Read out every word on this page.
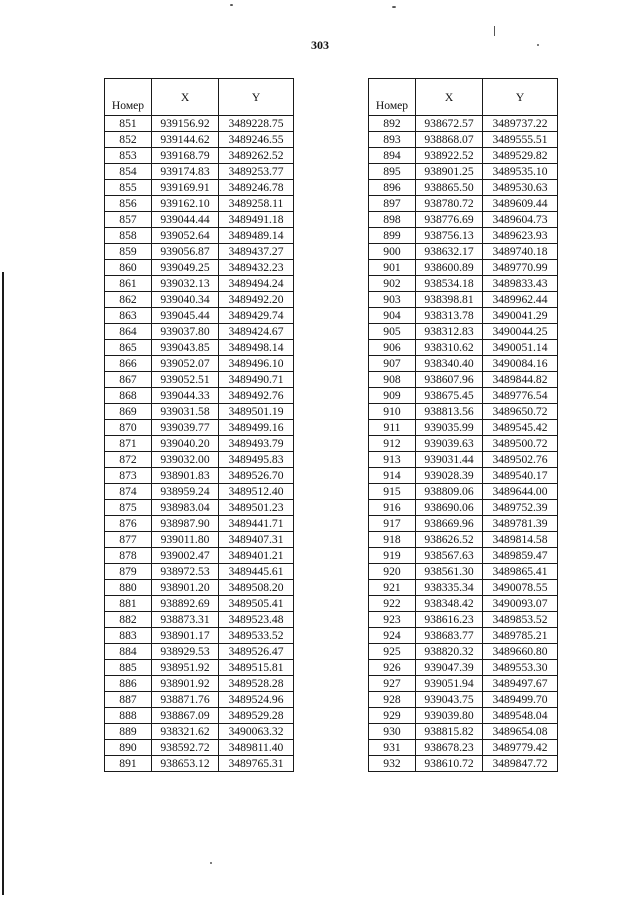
303
Номер	X	Y
851	939156.92	3489228.75
852	939144.62	3489246.55
853	939168.79	3489262.52
854	939174.83	3489253.77
855	939169.91	3489246.78
856	939162.10	3489258.11
857	939044.44	3489491.18
858	939052.64	3489489.14
859	939056.87	3489437.27
860	939049.25	3489432.23
861	939032.13	3489494.24
862	939040.34	3489492.20
863	939045.44	3489429.74
864	939037.80	3489424.67
865	939043.85	3489498.14
866	939052.07	3489496.10
867	939052.51	3489490.71
868	939044.33	3489492.76
869	939031.58	3489501.19
870	939039.77	3489499.16
871	939040.20	3489493.79
872	939032.00	3489495.83
873	938901.83	3489526.70
874	938959.24	3489512.40
875	938983.04	3489501.23
876	938987.90	3489441.71
877	939011.80	3489407.31
878	939002.47	3489401.21
879	938972.53	3489445.61
880	938901.20	3489508.20
881	938892.69	3489505.41
882	938873.31	3489523.48
883	938901.17	3489533.52
884	938929.53	3489526.47
885	938951.92	3489515.81
886	938901.92	3489528.28
887	938871.76	3489524.96
888	938867.09	3489529.28
889	938321.62	3490063.32
890	938592.72	3489811.40
891	938653.12	3489765.31
Номер	X	Y
892	938672.57	3489737.22
893	938868.07	3489555.51
894	938922.52	3489529.82
895	938901.25	3489535.10
896	938865.50	3489530.63
897	938780.72	3489609.44
898	938776.69	3489604.73
899	938756.13	3489623.93
900	938632.17	3489740.18
901	938600.89	3489770.99
902	938534.18	3489833.43
903	938398.81	3489962.44
904	938313.78	3490041.29
905	938312.83	3490044.25
906	938310.62	3490051.14
907	938340.40	3490084.16
908	938607.96	3489844.82
909	938675.45	3489776.54
910	938813.56	3489650.72
911	939035.99	3489545.42
912	939039.63	3489500.72
913	939031.44	3489502.76
914	939028.39	3489540.17
915	938809.06	3489644.00
916	938690.06	3489752.39
917	938669.96	3489781.39
918	938626.52	3489814.58
919	938567.63	3489859.47
920	938561.30	3489865.41
921	938335.34	3490078.55
922	938348.42	3490093.07
923	938616.23	3489853.52
924	938683.77	3489785.21
925	938820.32	3489660.80
926	939047.39	3489553.30
927	939051.94	3489497.67
928	939043.75	3489499.70
929	939039.80	3489548.04
930	938815.82	3489654.08
931	938678.23	3489779.42
932	938610.72	3489847.72
